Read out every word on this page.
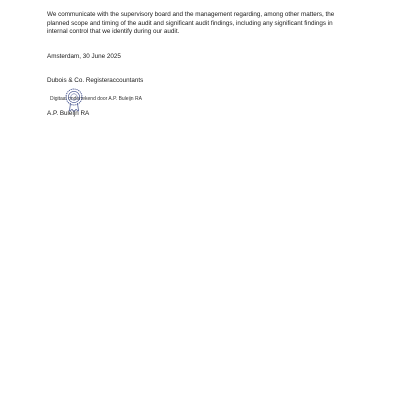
We communicate with the supervisory board and the management regarding, among other matters, the planned scope and timing of the audit and significant audit findings, including any significant findings in internal control that we identify during our audit.

Amsterdam, 30 June 2025

Dubois & Co. Registeraccountants

Digitaal ondertekend door A.P. Buleijn RA

A.P. Buleijn RA
